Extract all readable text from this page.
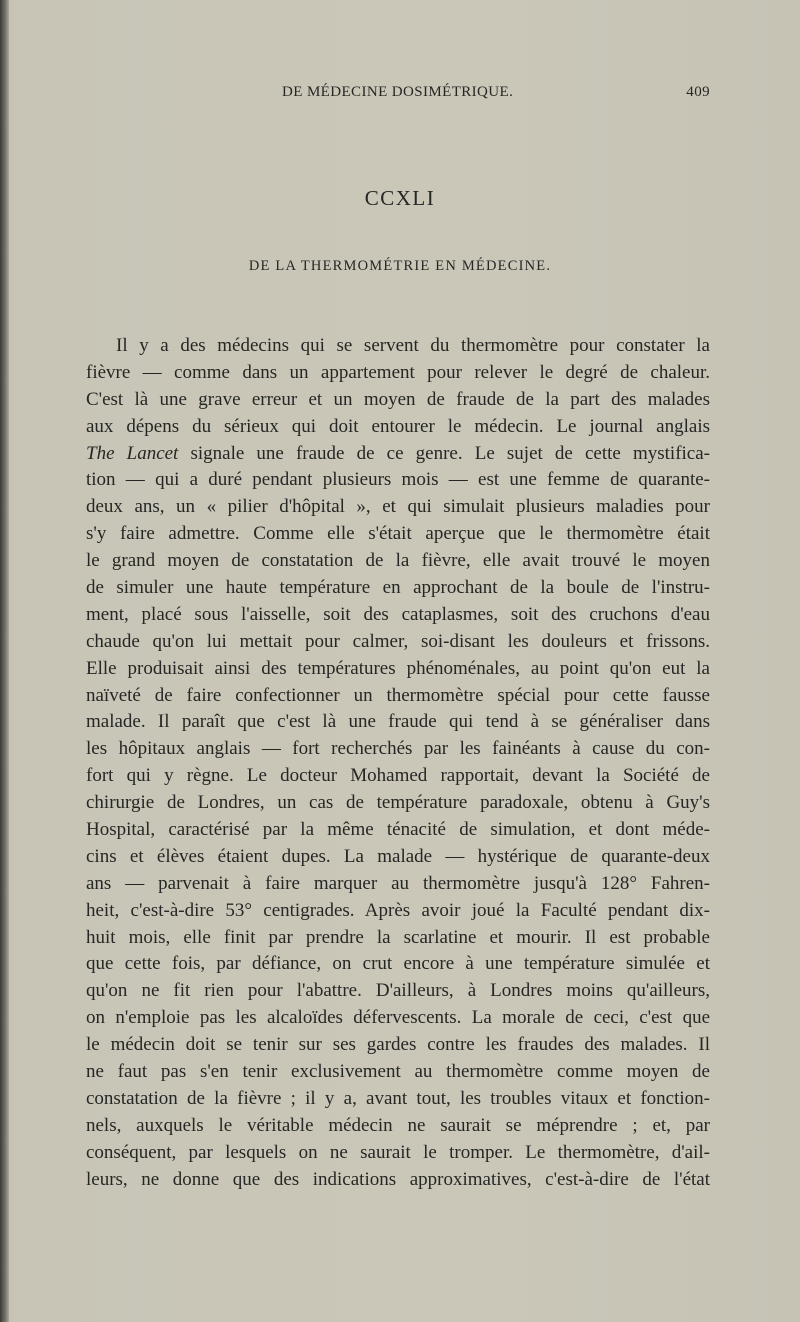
DE MÉDECINE DOSIMÉTRIQUE.	409
CCXLI
DE LA THERMOMÉTRIE EN MÉDECINE.
Il y a des médecins qui se servent du thermomètre pour constater la
fièvre — comme dans un appartement pour relever le degré de chaleur.
C'est là une grave erreur et un moyen de fraude de la part des malades
aux dépens du sérieux qui doit entourer le médecin. Le journal anglais
The Lancet signale une fraude de ce genre. Le sujet de cette mystifica-
tion — qui a duré pendant plusieurs mois — est une femme de quarante-
deux ans, un « pilier d'hôpital », et qui simulait plusieurs maladies pour
s'y faire admettre. Comme elle s'était aperçue que le thermomètre était
le grand moyen de constatation de la fièvre, elle avait trouvé le moyen
de simuler une haute température en approchant de la boule de l'instru-
ment, placé sous l'aisselle, soit des cataplasmes, soit des cruchons d'eau
chaude qu'on lui mettait pour calmer, soi-disant les douleurs et frissons.
Elle produisait ainsi des températures phénoménales, au point qu'on eut la
naïveté de faire confectionner un thermomètre spécial pour cette fausse
malade. Il paraît que c'est là une fraude qui tend à se généraliser dans
les hôpitaux anglais — fort recherchés par les fainéants à cause du con-
fort qui y règne. Le docteur Mohamed rapportait, devant la Société de
chirurgie de Londres, un cas de température paradoxale, obtenu à Guy's
Hospital, caractérisé par la même ténacité de simulation, et dont méde-
cins et élèves étaient dupes. La malade — hystérique de quarante-deux
ans — parvenait à faire marquer au thermomètre jusqu'à 128° Fahren-
heit, c'est-à-dire 53° centigrades. Après avoir joué la Faculté pendant dix-
huit mois, elle finit par prendre la scarlatine et mourir. Il est probable
que cette fois, par défiance, on crut encore à une température simulée et
qu'on ne fit rien pour l'abattre. D'ailleurs, à Londres moins qu'ailleurs,
on n'emploie pas les alcaloïdes défervescents. La morale de ceci, c'est que
le médecin doit se tenir sur ses gardes contre les fraudes des malades. Il
ne faut pas s'en tenir exclusivement au thermomètre comme moyen de
constatation de la fièvre ; il y a, avant tout, les troubles vitaux et fonction-
nels, auxquels le véritable médecin ne saurait se méprendre ; et, par
conséquent, par lesquels on ne saurait le tromper. Le thermomètre, d'ail-
leurs, ne donne que des indications approximatives, c'est-à-dire de l'état
